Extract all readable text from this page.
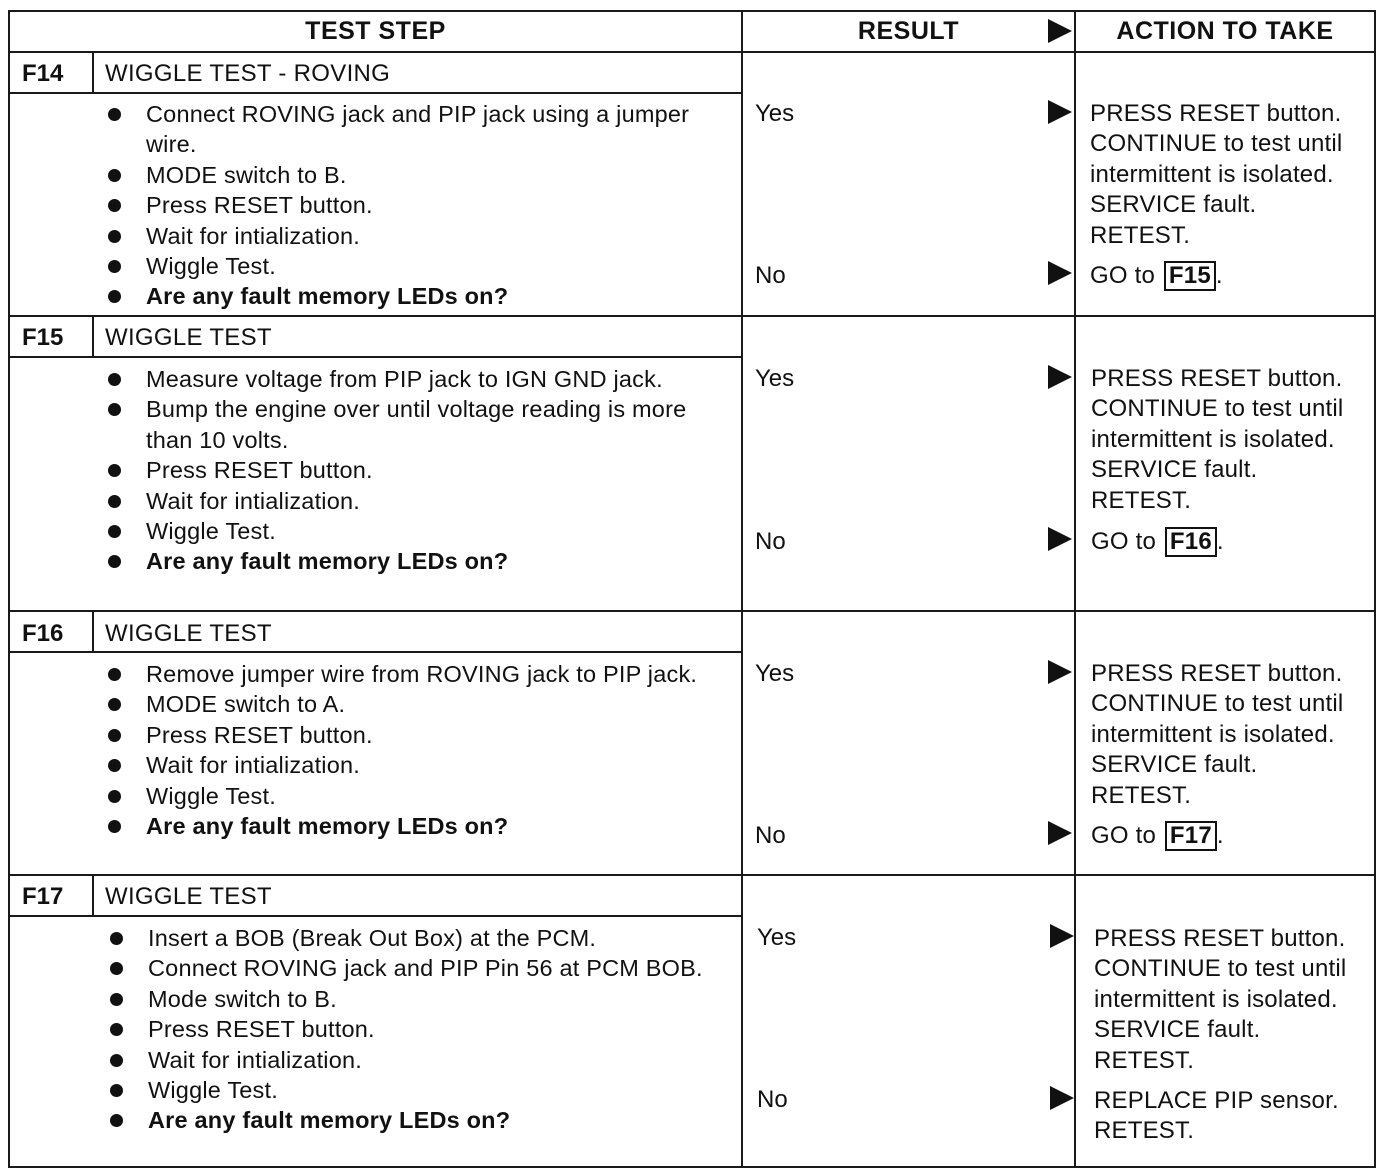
TEST STEP	RESULT	ACTION TO TAKE
F14 WIGGLE TEST - ROVING
Connect ROVING jack and PIP jack using a jumper wire.
MODE switch to B.
Press RESET button.
Wait for intialization.
Wiggle Test.
Are any fault memory LEDs on?
Yes	PRESS RESET button.
CONTINUE to test until
intermittent is isolated.
SERVICE fault.
RETEST.
No	GO to F15 .
F15 WIGGLE TEST
Measure voltage from PIP jack to IGN GND jack.
Bump the engine over until voltage reading is more than 10 volts.
Press RESET button.
Wait for intialization.
Wiggle Test.
Are any fault memory LEDs on?
Yes	PRESS RESET button.
CONTINUE to test until
intermittent is isolated.
SERVICE fault.
RETEST.
No	GO to F16 .
F16 WIGGLE TEST
Remove jumper wire from ROVING jack to PIP jack.
MODE switch to A.
Press RESET button.
Wait for intialization.
Wiggle Test.
Are any fault memory LEDs on?
Yes	PRESS RESET button.
CONTINUE to test until
intermittent is isolated.
SERVICE fault.
RETEST.
No	GO to F17 .
F17 WIGGLE TEST
Insert a BOB (Break Out Box) at the PCM.
Connect ROVING jack and PIP Pin 56 at PCM BOB.
Mode switch to B.
Press RESET button.
Wait for intialization.
Wiggle Test.
Are any fault memory LEDs on?
Yes	PRESS RESET button.
CONTINUE to test until
intermittent is isolated.
SERVICE fault.
RETEST.
No	REPLACE PIP sensor.
RETEST.
